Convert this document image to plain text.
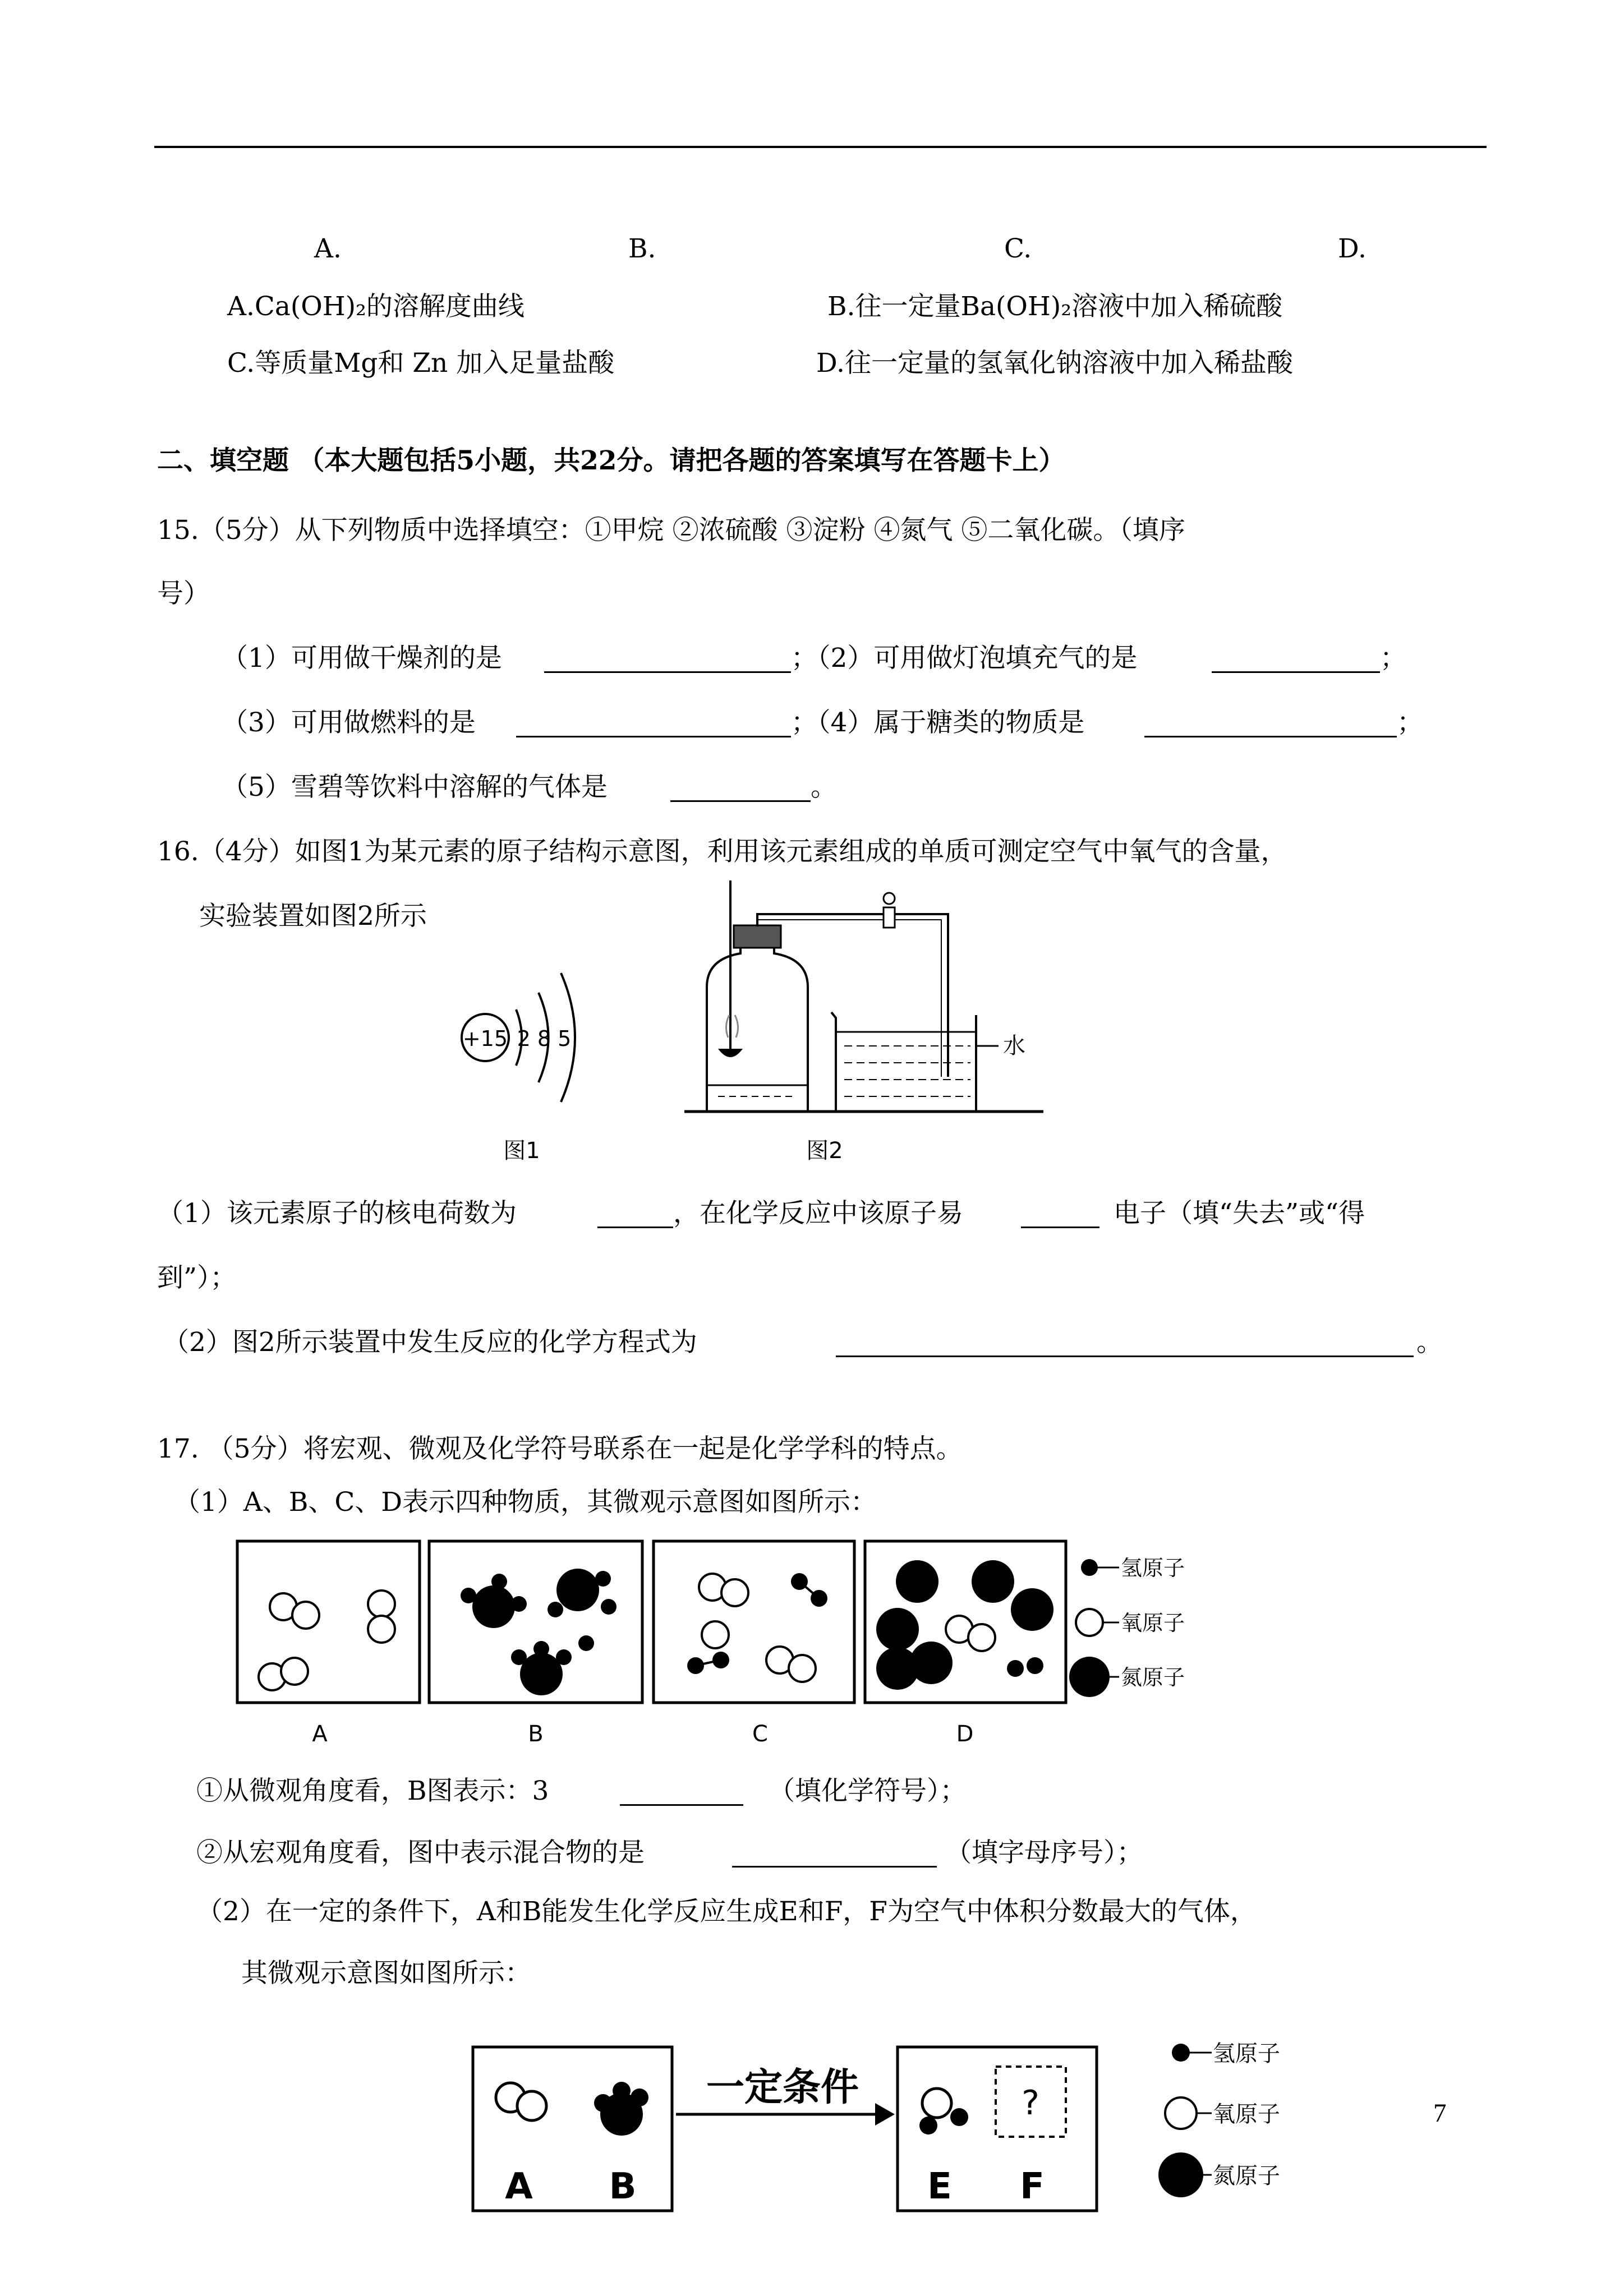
A.	B.	C.	D.
A.Ca(OH)₂的溶解度曲线	B.往一定量Ba(OH)₂溶液中加入稀硫酸
C.等质量Mg和 Zn 加入足量盐酸	D.往一定量的氢氧化钠溶液中加入稀盐酸
二、填空题 （本大题包括5小题，共22分。请把各题的答案填写在答题卡上）
15.（5分）从下列物质中选择填空：①甲烷 ②浓硫酸 ③淀粉 ④氮气 ⑤二氧化碳。（填序
号）
（1）可用做干燥剂的是	；（2）可用做灯泡填充气的是	；
（3）可用做燃料的是	；（4）属于糖类的物质是	；
（5）雪碧等饮料中溶解的气体是	。
16.（4分）如图1为某元素的原子结构示意图，利用该元素组成的单质可测定空气中氧气的含量，
实验装置如图2所示
+15 2 8 5
图1
水
图2
（1）该元素原子的核电荷数为	，在化学反应中该原子易	电子（填“失去”或“得
到”）；
（2）图2所示装置中发生反应的化学方程式为	。
17. （5分）将宏观、微观及化学符号联系在一起是化学学科的特点。
（1）A、B、C、D表示四种物质，其微观示意图如图所示：
A	B	C	D
氢原子
氧原子
氮原子
①从微观角度看，B图表示：3	（填化学符号）；
②从宏观角度看，图中表示混合物的是	（填字母序号）；
（2）在一定的条件下，A和B能发生化学反应生成E和F，F为空气中体积分数最大的气体，
其微观示意图如图所示：
A B
一定条件	?
E F
氢原子
氧原子
氮原子
7
